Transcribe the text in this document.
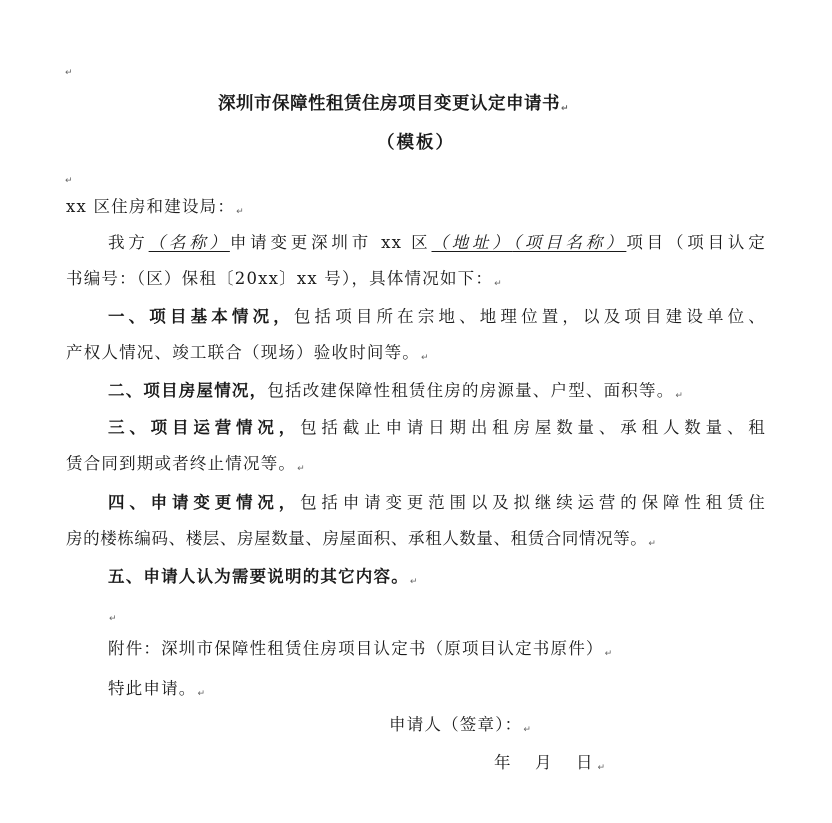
↵
深圳市保障性租赁住房项目变更认定申请书↵
（模板）
↵
xx 区住房和建设局：↵
我方（名称）申请变更深圳市 xx 区（地址）（项目名称）项目（项目认定
书编号：（区）保租〔20xx〕xx 号），具体情况如下：↵
一、项目基本情况，包括项目所在宗地、地理位置，以及项目建设单位、
产权人情况、竣工联合（现场）验收时间等。↵
二、项目房屋情况，包括改建保障性租赁住房的房源量、户型、面积等。↵
三、项目运营情况，包括截止申请日期出租房屋数量、承租人数量、租
赁合同到期或者终止情况等。↵
四、申请变更情况，包括申请变更范围以及拟继续运营的保障性租赁住
房的楼栋编码、楼层、房屋数量、房屋面积、承租人数量、租赁合同情况等。↵
五、申请人认为需要说明的其它内容。↵
↵
附件：深圳市保障性租赁住房项目认定书（原项目认定书原件）↵
特此申请。↵
申请人（签章）：↵
年　月　日↵
